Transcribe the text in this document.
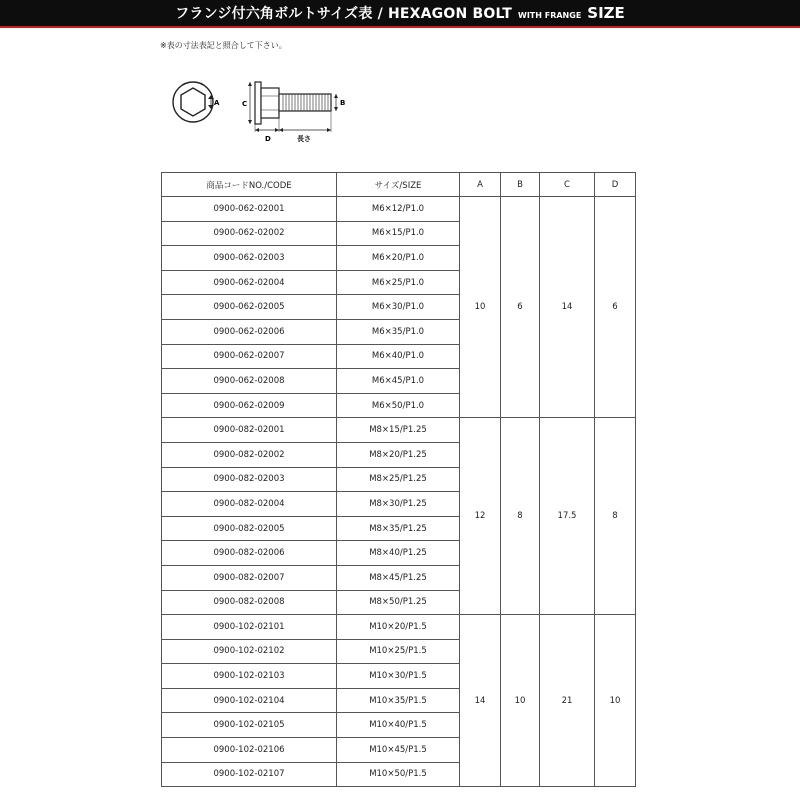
フランジ付六角ボルトサイズ表 / HEXAGON BOLT WITH FRANGE SIZE
※表の寸法表記と照合して下さい。
A	C	B
D	長さ
商品コードNO./CODE	サイズ/SIZE	A	B	C	D
0900-062-02001	M6×12/P1.0	10	6	14	6
0900-062-02002	M6×15/P1.0				
0900-062-02003	M6×20/P1.0				
0900-062-02004	M6×25/P1.0				
0900-062-02005	M6×30/P1.0				
0900-062-02006	M6×35/P1.0				
0900-062-02007	M6×40/P1.0				
0900-062-02008	M6×45/P1.0				
0900-062-02009	M6×50/P1.0				
0900-082-02001	M8×15/P1.25	12	8	17.5	8
0900-082-02002	M8×20/P1.25				
0900-082-02003	M8×25/P1.25				
0900-082-02004	M8×30/P1.25				
0900-082-02005	M8×35/P1.25				
0900-082-02006	M8×40/P1.25				
0900-082-02007	M8×45/P1.25				
0900-082-02008	M8×50/P1.25				
0900-102-02101	M10×20/P1.5	14	10	21	10
0900-102-02102	M10×25/P1.5				
0900-102-02103	M10×30/P1.5				
0900-102-02104	M10×35/P1.5				
0900-102-02105	M10×40/P1.5				
0900-102-02106	M10×45/P1.5				
0900-102-02107	M10×50/P1.5				
